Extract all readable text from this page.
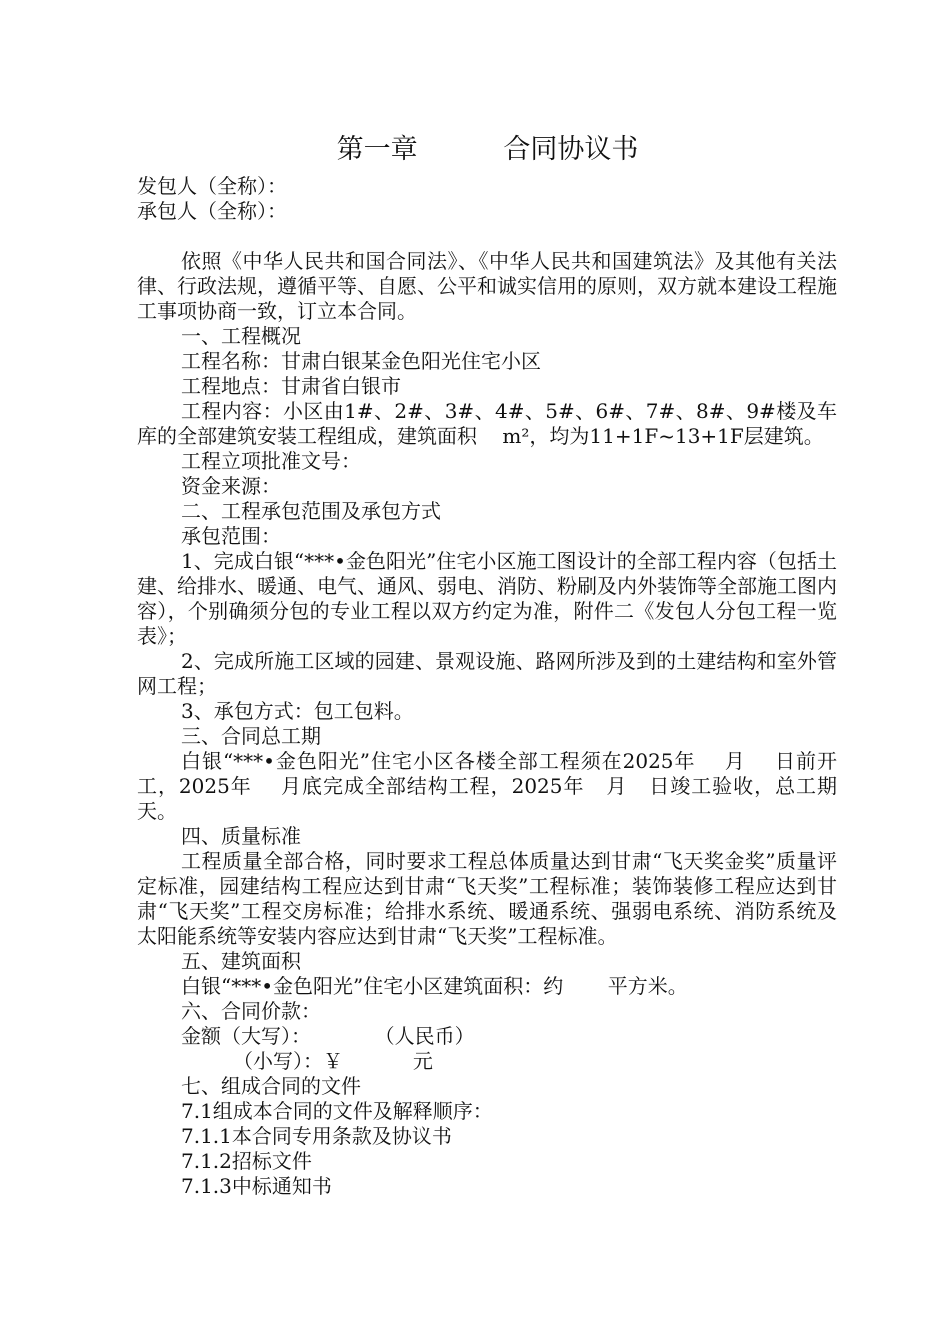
第一章          合同协议书

发包人（全称）：

承包人（全称）：

依照《中华人民共和国合同法》、《中华人民共和国建筑法》及其他有关法律、行政法规，遵循平等、自愿、公平和诚实信用的原则，双方就本建设工程施工事项协商一致，订立本合同。

一、工程概况

工程名称：甘肃白银某金色阳光住宅小区

工程地点：甘肃省白银市

工程内容：小区由1#、2#、3#、4#、5#、6#、7#、8#、9#楼及车库的全部建筑安装工程组成，建筑面积    m²，均为11+1F~13+1F层建筑。

工程立项批准文号：

资金来源：

二、工程承包范围及承包方式

承包范围：

1、完成白银“***•金色阳光”住宅小区施工图设计的全部工程内容（包括土建、给排水、暖通、电气、通风、弱电、消防、粉刷及内外装饰等全部施工图内容），个别确须分包的专业工程以双方约定为准，附件二《发包人分包工程一览表》；

2、完成所施工区域的园建、景观设施、路网所涉及到的土建结构和室外管网工程；

3、承包方式：包工包料。

三、合同总工期

白银“***•金色阳光”住宅小区各楼全部工程须在2025年    月    日前开工，2025年    月底完成全部结构工程，2025年   月   日竣工验收，总工期    天。

四、质量标准

工程质量全部合格，同时要求工程总体质量达到甘肃“飞天奖金奖”质量评定标准，园建结构工程应达到甘肃“飞天奖”工程标准；装饰装修工程应达到甘肃“飞天奖”工程交房标准；给排水系统、暖通系统、强弱电系统、消防系统及太阳能系统等安装内容应达到甘肃“飞天奖”工程标准。

五、建筑面积

白银“***•金色阳光”住宅小区建筑面积：约       平方米。

六、合同价款：

金额（大写）：          （人民币）

（小写）：￥           元

七、组成合同的文件

7.1组成本合同的文件及解释顺序：

7.1.1本合同专用条款及协议书

7.1.2招标文件

7.1.3中标通知书
